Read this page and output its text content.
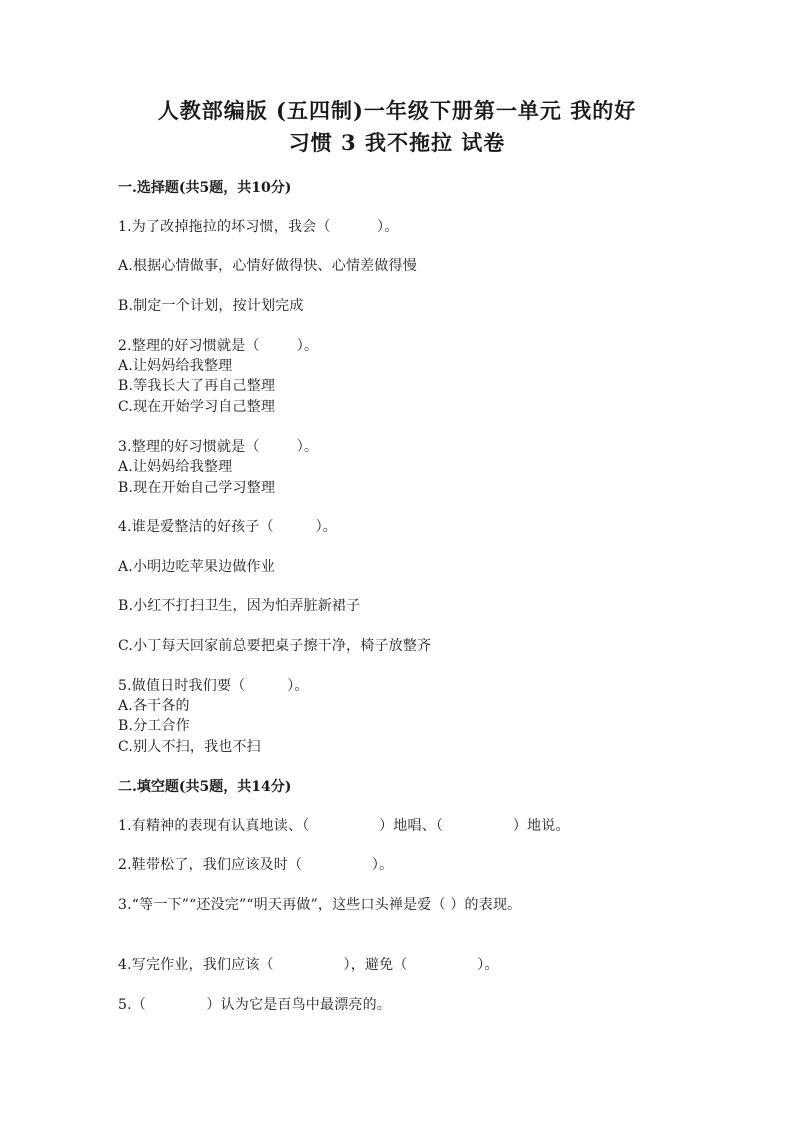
人教部编版 (五四制)一年级下册第一单元 我的好
习惯 3 我不拖拉 试卷
一.选择题(共5题，共10分)
1.为了改掉拖拉的坏习惯，我会（          ）。
A.根据心情做事，心情好做得快、心情差做得慢
B.制定一个计划，按计划完成
2.整理的好习惯就是（        ）。
A.让妈妈给我整理
B.等我长大了再自己整理
C.现在开始学习自己整理
3.整理的好习惯就是（        ）。
A.让妈妈给我整理
B.现在开始自己学习整理
4.谁是爱整洁的好孩子（         ）。
A.小明边吃苹果边做作业
B.小红不打扫卫生，因为怕弄脏新裙子
C.小丁每天回家前总要把桌子擦干净，椅子放整齐
5.做值日时我们要（         ）。
A.各干各的
B.分工合作
C.别人不扫，我也不扫
二.填空题(共5题，共14分)
1.有精神的表现有认真地读、（               ）地唱、（               ）地说。
2.鞋带松了，我们应该及时（               ）。
3.“等一下”“还没完”“明天再做”，这些口头禅是爱（ ）的表现。
4.写完作业，我们应该（               ），避免（               ）。
5.（             ）认为它是百鸟中最漂亮的。
